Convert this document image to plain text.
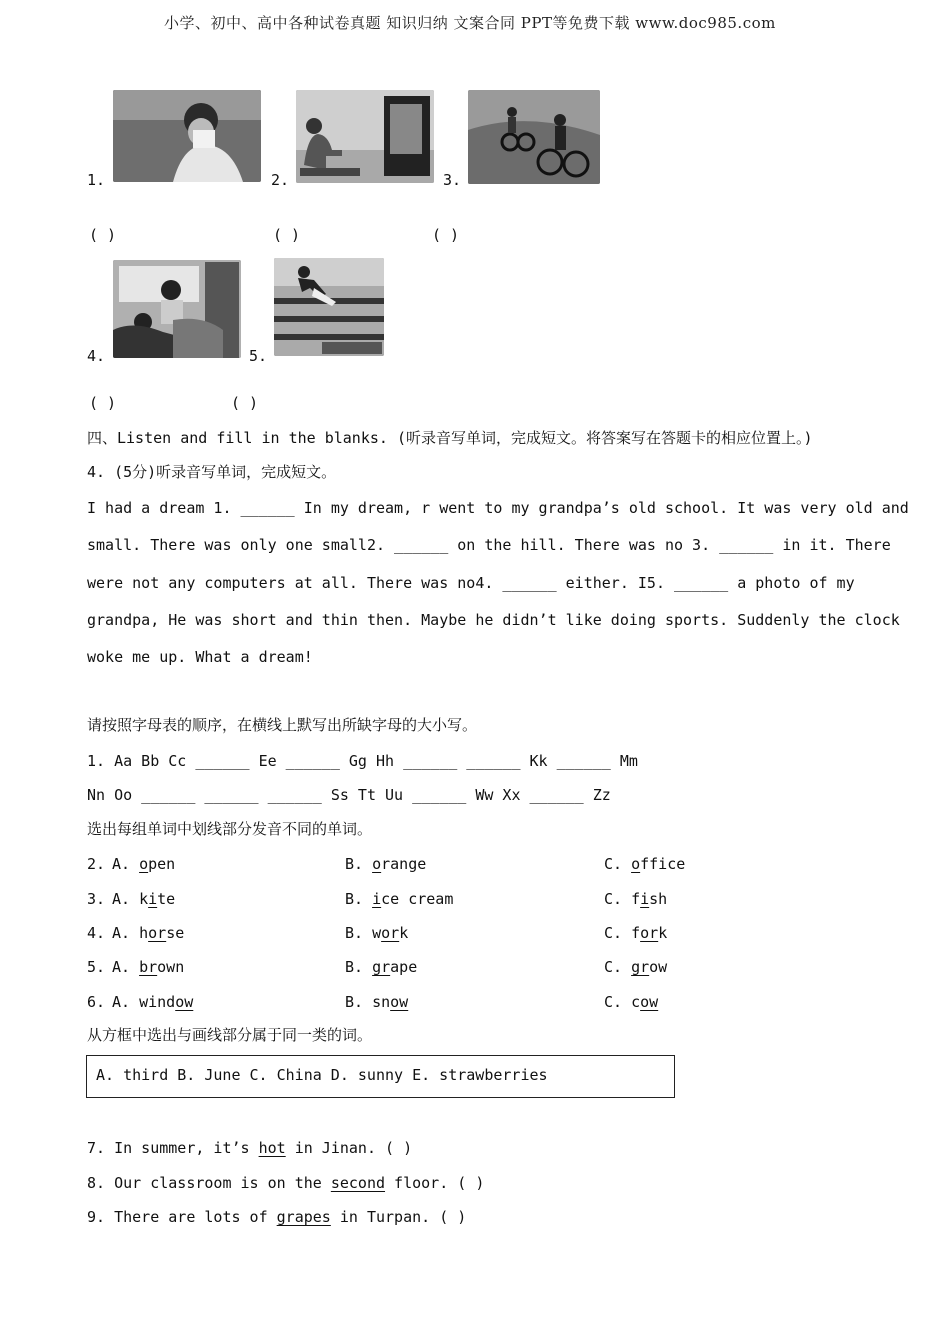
小学、初中、高中各种试卷真题 知识归纳 文案合同 PPT等免费下载 www.doc985.com
1.	2.	3.
( )	( )	( )
4.	5.
( )	( )
四、Listen and fill in the blanks. (听录音写单词，完成短文。将答案写在答题卡的相应位置上。)
4. (5分)听录音写单词，完成短文。
I had a dream 1. ______ In my dream, r went to my grandpa’s old school. It was very old and
small. There was only one small2. ______ on the hill. There was no 3. ______ in it. There
were not any computers at all. There was no4. ______ either. I5. ______ a photo of my
grandpa, He was short and thin then. Maybe he didn’t like doing sports. Suddenly the clock
woke me up. What a dream!
请按照字母表的顺序，在横线上默写出所缺字母的大小写。
1. Aa Bb Cc ______ Ee ______ Gg Hh ______ ______ Kk ______ Mm
Nn Oo ______ ______ ______ Ss Tt Uu ______ Ww Xx ______ Zz
选出每组单词中划线部分发音不同的单词。
2. A. open	B. orange	C. office
3. A. kite	B. ice cream	C. fish
4. A. horse	B. work	C. fork
5. A. brown	B. grape	C. grow
6. A. window	B. snow	C. cow
从方框中选出与画线部分属于同一类的词。
A. third B. June C. China D. sunny E. strawberries
7. In summer, it’s hot in Jinan. ( )
8. Our classroom is on the second floor. ( )
9. There are lots of grapes in Turpan. ( )
